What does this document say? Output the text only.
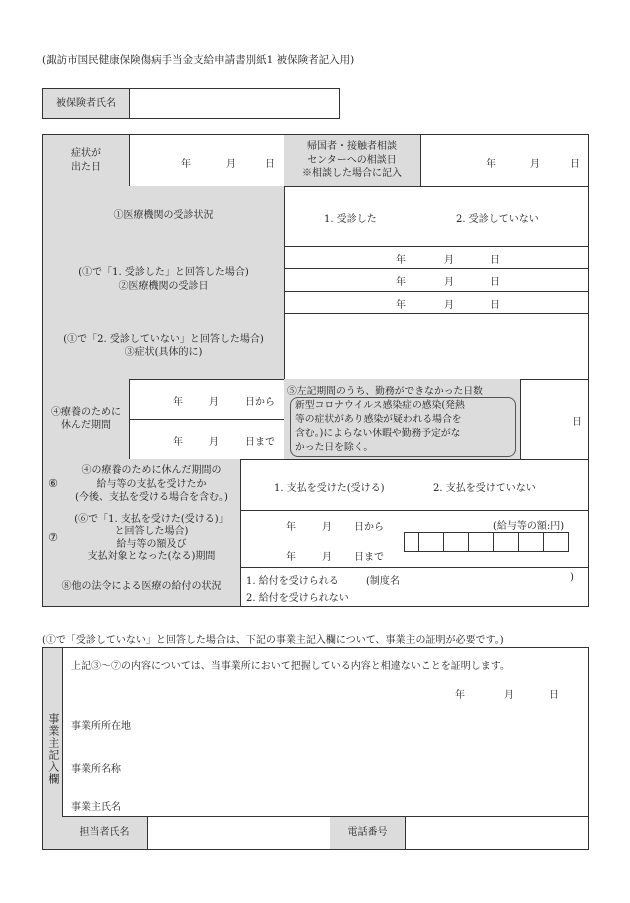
(諏訪市国民健康保険傷病手当金支給申請書別紙1 被保険者記入用)
被保険者氏名
症状が
出た日	年	月	日
帰国者・接触者相談
センターへの相談日
※相談した場合に記入
年	月	日
①医療機関の受診状況	1. 受診した	2. 受診していない
(①で「1. 受診した」と回答した場合)
②医療機関の受診日
年	月	日
年	月	日
年	月	日
(①で「2. 受診していない」と回答した場合)
③症状(具体的に)
④療養のために
休んだ期間
年	月	日から
年	月	日まで
⑤左記期間のうち、勤務ができなかった日数
新型コロナウイルス感染症の感染(発熱
等の症状があり感染が疑われる場合を
含む。)によらない休暇や勤務予定がな
かった日を除く。
日
⑥
④の療養のために休んだ期間の
給与等の支払を受けたか
(今後、支払を受ける場合を含む。)
1. 支払を受けた(受ける)	2. 支払を受けていない
⑦
(⑥で「1. 支払を受けた(受ける)」
と回答した場合)
給与等の額及び
支払対象となった(なる)期間
年	月 日から
年	月 日まで
(給与等の額:円)
⑧他の法令による医療の給付の状況	1. 給付を受けられる	(制度名	)
2. 給付を受けられない
(①で「受診していない」と回答した場合は、下記の事業主記入欄について、事業主の証明が必要です。)
事業主記入欄
上記③～⑦の内容については、当事業所において把握している内容と相違ないことを証明します。
年	月	日
事業所所在地
事業所名称
事業主氏名
担当者氏名	電話番号
